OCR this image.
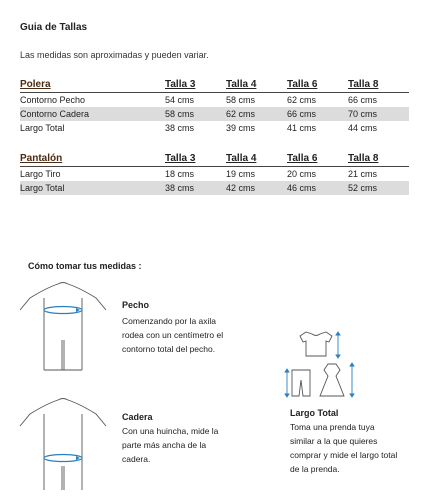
Guia de Tallas
Las medidas son aproximadas y pueden variar.
Polera	Talla 3	Talla 4	Talla 6	Talla 8
Contorno Pecho	54 cms	58 cms	62 cms	66 cms
Contorno Cadera	58 cms	62 cms	66 cms	70 cms
Largo Total	38 cms	39 cms	41 cms	44 cms
Pantalón	Talla 3	Talla 4	Talla 6	Talla 8
Largo Tiro	18 cms	19 cms	20 cms	21 cms
Largo Total	38 cms	42 cms	46 cms	52 cms
Cómo tomar tus medidas :
Pecho
Comenzando por la axila
rodea con un centímetro el
contorno total del pecho.
Cadera
Con una huincha, mide la
parte más ancha de la
cadera.
Largo Total
Toma una prenda tuya
similar a la que quieres
comprar y mide el largo total
de la prenda.
